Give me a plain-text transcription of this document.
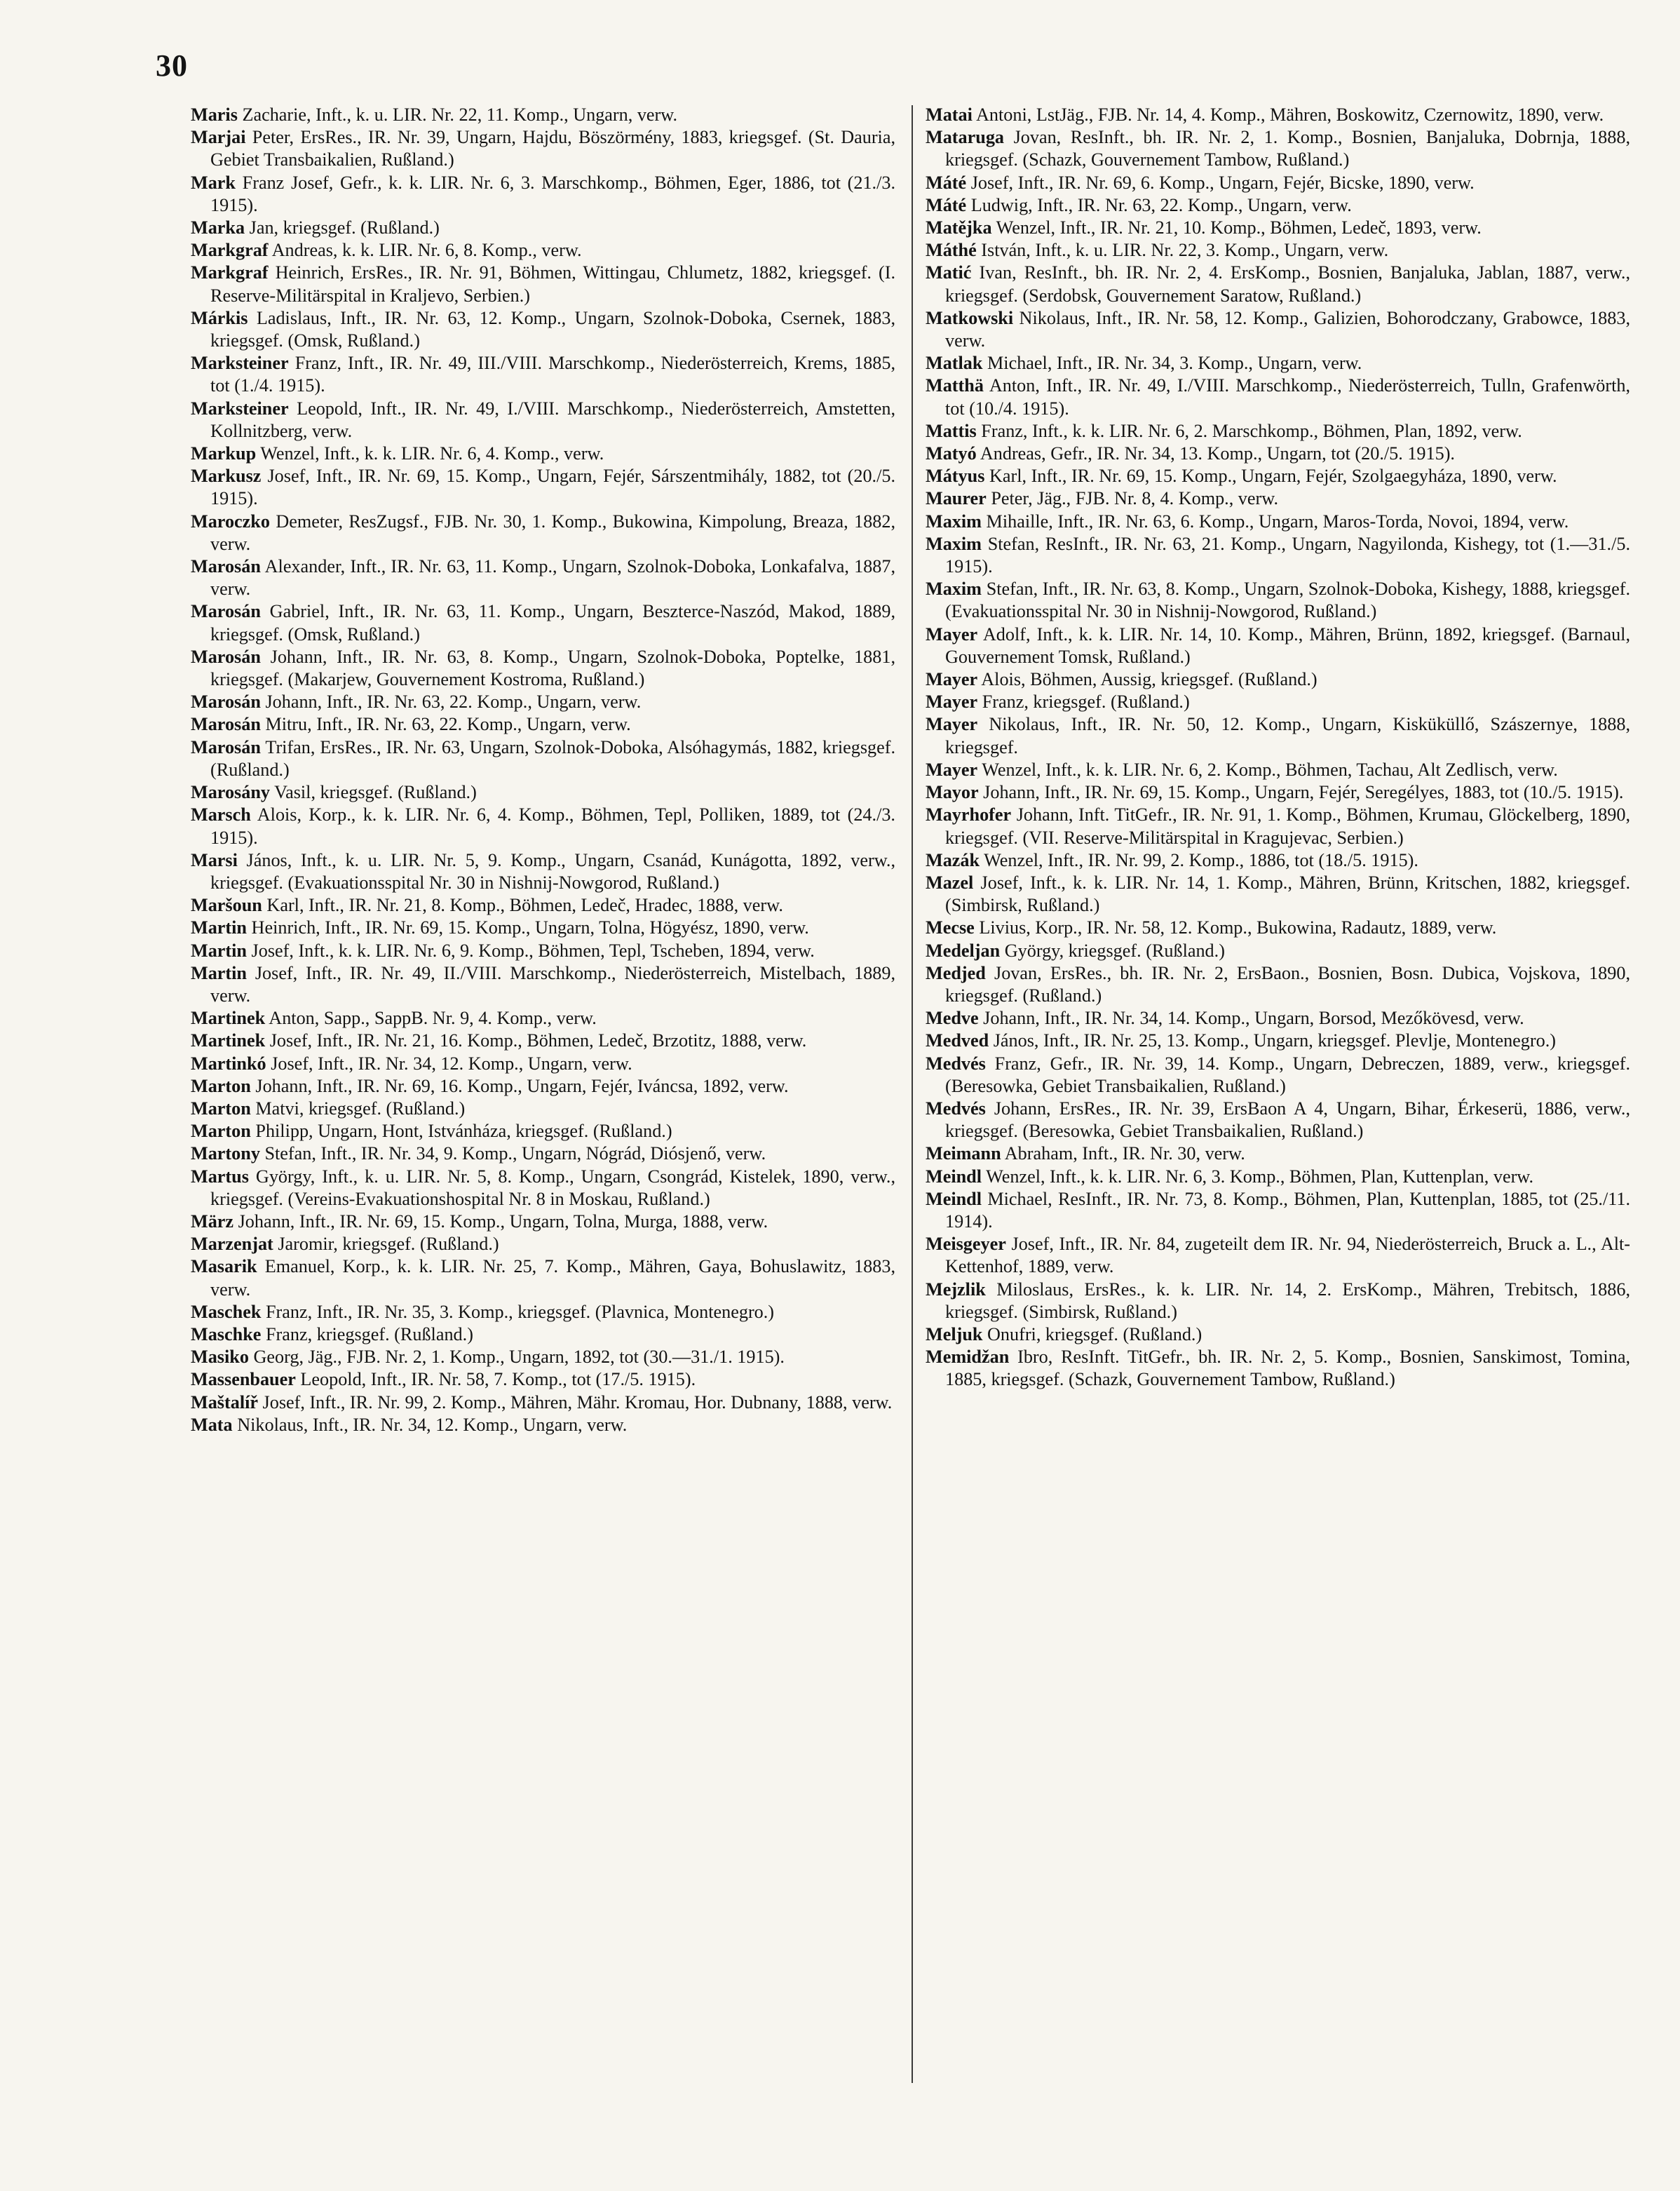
30

Maris Zacharie, Inft., k. u. LIR. Nr. 22, 11. Komp., Ungarn, verw.

Marjai Peter, ErsRes., IR. Nr. 39, Ungarn, Hajdu, Böszörmény, 1883, kriegsgef. (St. Dauria, Gebiet Transbaikalien, Rußland.)

Mark Franz Josef, Gefr., k. k. LIR. Nr. 6, 3. Marschkomp., Böhmen, Eger, 1886, tot (21./3. 1915).

Marka Jan, kriegsgef. (Rußland.)

Markgraf Andreas, k. k. LIR. Nr. 6, 8. Komp., verw.

Markgraf Heinrich, ErsRes., IR. Nr. 91, Böhmen, Wittingau, Chlumetz, 1882, kriegsgef. (I. Reserve-Militärspital in Kraljevo, Serbien.)

Márkis Ladislaus, Inft., IR. Nr. 63, 12. Komp., Ungarn, Szolnok-Doboka, Csernek, 1883, kriegsgef. (Omsk, Rußland.)

Marksteiner Franz, Inft., IR. Nr. 49, III./VIII. Marschkomp., Niederösterreich, Krems, 1885, tot (1./4. 1915).

Marksteiner Leopold, Inft., IR. Nr. 49, I./VIII. Marschkomp., Niederösterreich, Amstetten, Kollnitzberg, verw.

Markup Wenzel, Inft., k. k. LIR. Nr. 6, 4. Komp., verw.

Markusz Josef, Inft., IR. Nr. 69, 15. Komp., Ungarn, Fejér, Sárszentmihály, 1882, tot (20./5. 1915).

Maroczko Demeter, ResZugsf., FJB. Nr. 30, 1. Komp., Bukowina, Kimpolung, Breaza, 1882, verw.

Marosán Alexander, Inft., IR. Nr. 63, 11. Komp., Ungarn, Szolnok-Doboka, Lonkafalva, 1887, verw.

Marosán Gabriel, Inft., IR. Nr. 63, 11. Komp., Ungarn, Beszterce-Naszód, Makod, 1889, kriegsgef. (Omsk, Rußland.)

Marosán Johann, Inft., IR. Nr. 63, 8. Komp., Ungarn, Szolnok-Doboka, Poptelke, 1881, kriegsgef. (Makarjew, Gouvernement Kostroma, Rußland.)

Marosán Johann, Inft., IR. Nr. 63, 22. Komp., Ungarn, verw.

Marosán Mitru, Inft., IR. Nr. 63, 22. Komp., Ungarn, verw.

Marosán Trifan, ErsRes., IR. Nr. 63, Ungarn, Szolnok-Doboka, Alsóhagymás, 1882, kriegsgef. (Rußland.)

Marosány Vasil, kriegsgef. (Rußland.)

Marsch Alois, Korp., k. k. LIR. Nr. 6, 4. Komp., Böhmen, Tepl, Polliken, 1889, tot (24./3. 1915).

Marsi János, Inft., k. u. LIR. Nr. 5, 9. Komp., Ungarn, Csanád, Kunágotta, 1892, verw., kriegsgef. (Evakuationsspital Nr. 30 in Nishnij-Nowgorod, Rußland.)

Maršoun Karl, Inft., IR. Nr. 21, 8. Komp., Böhmen, Ledeč, Hradec, 1888, verw.

Martin Heinrich, Inft., IR. Nr. 69, 15. Komp., Ungarn, Tolna, Högyész, 1890, verw.

Martin Josef, Inft., k. k. LIR. Nr. 6, 9. Komp., Böhmen, Tepl, Tscheben, 1894, verw.

Martin Josef, Inft., IR. Nr. 49, II./VIII. Marschkomp., Niederösterreich, Mistelbach, 1889, verw.

Martinek Anton, Sapp., SappB. Nr. 9, 4. Komp., verw.

Martinek Josef, Inft., IR. Nr. 21, 16. Komp., Böhmen, Ledeč, Brzotitz, 1888, verw.

Martinkó Josef, Inft., IR. Nr. 34, 12. Komp., Ungarn, verw.

Marton Johann, Inft., IR. Nr. 69, 16. Komp., Ungarn, Fejér, Iváncsa, 1892, verw.

Marton Matvi, kriegsgef. (Rußland.)

Marton Philipp, Ungarn, Hont, Istvánháza, kriegsgef. (Rußland.)

Martony Stefan, Inft., IR. Nr. 34, 9. Komp., Ungarn, Nógrád, Diósjenő, verw.

Martus György, Inft., k. u. LIR. Nr. 5, 8. Komp., Ungarn, Csongrád, Kistelek, 1890, verw., kriegsgef. (Vereins-Evakuationshospital Nr. 8 in Moskau, Rußland.)

März Johann, Inft., IR. Nr. 69, 15. Komp., Ungarn, Tolna, Murga, 1888, verw.

Marzenjat Jaromir, kriegsgef. (Rußland.)

Masarik Emanuel, Korp., k. k. LIR. Nr. 25, 7. Komp., Mähren, Gaya, Bohuslawitz, 1883, verw.

Maschek Franz, Inft., IR. Nr. 35, 3. Komp., kriegsgef. (Plavnica, Montenegro.)

Maschke Franz, kriegsgef. (Rußland.)

Masiko Georg, Jäg., FJB. Nr. 2, 1. Komp., Ungarn, 1892, tot (30.—31./1. 1915).

Massenbauer Leopold, Inft., IR. Nr. 58, 7. Komp., tot (17./5. 1915).

Maštalíř Josef, Inft., IR. Nr. 99, 2. Komp., Mähren, Mähr. Kromau, Hor. Dubnany, 1888, verw.

Mata Nikolaus, Inft., IR. Nr. 34, 12. Komp., Ungarn, verw.

Matai Antoni, LstJäg., FJB. Nr. 14, 4. Komp., Mähren, Boskowitz, Czernowitz, 1890, verw.

Mataruga Jovan, ResInft., bh. IR. Nr. 2, 1. Komp., Bosnien, Banjaluka, Dobrnja, 1888, kriegsgef. (Schazk, Gouvernement Tambow, Rußland.)

Máté Josef, Inft., IR. Nr. 69, 6. Komp., Ungarn, Fejér, Bicske, 1890, verw.

Máté Ludwig, Inft., IR. Nr. 63, 22. Komp., Ungarn, verw.

Matějka Wenzel, Inft., IR. Nr. 21, 10. Komp., Böhmen, Ledeč, 1893, verw.

Máthé István, Inft., k. u. LIR. Nr. 22, 3. Komp., Ungarn, verw.

Matić Ivan, ResInft., bh. IR. Nr. 2, 4. ErsKomp., Bosnien, Banjaluka, Jablan, 1887, verw., kriegsgef. (Serdobsk, Gouvernement Saratow, Rußland.)

Matkowski Nikolaus, Inft., IR. Nr. 58, 12. Komp., Galizien, Bohorodczany, Grabowce, 1883, verw.

Matlak Michael, Inft., IR. Nr. 34, 3. Komp., Ungarn, verw.

Matthä Anton, Inft., IR. Nr. 49, I./VIII. Marschkomp., Niederösterreich, Tulln, Grafenwörth, tot (10./4. 1915).

Mattis Franz, Inft., k. k. LIR. Nr. 6, 2. Marschkomp., Böhmen, Plan, 1892, verw.

Matyó Andreas, Gefr., IR. Nr. 34, 13. Komp., Ungarn, tot (20./5. 1915).

Mátyus Karl, Inft., IR. Nr. 69, 15. Komp., Ungarn, Fejér, Szolgaegyháza, 1890, verw.

Maurer Peter, Jäg., FJB. Nr. 8, 4. Komp., verw.

Maxim Mihaille, Inft., IR. Nr. 63, 6. Komp., Ungarn, Maros-Torda, Novoi, 1894, verw.

Maxim Stefan, ResInft., IR. Nr. 63, 21. Komp., Ungarn, Nagyilonda, Kishegy, tot (1.—31./5. 1915).

Maxim Stefan, Inft., IR. Nr. 63, 8. Komp., Ungarn, Szolnok-Doboka, Kishegy, 1888, kriegsgef. (Evakuationsspital Nr. 30 in Nishnij-Nowgorod, Rußland.)

Mayer Adolf, Inft., k. k. LIR. Nr. 14, 10. Komp., Mähren, Brünn, 1892, kriegsgef. (Barnaul, Gouvernement Tomsk, Rußland.)

Mayer Alois, Böhmen, Aussig, kriegsgef. (Rußland.)

Mayer Franz, kriegsgef. (Rußland.)

Mayer Nikolaus, Inft., IR. Nr. 50, 12. Komp., Ungarn, Kisküküllő, Szászernye, 1888, kriegsgef.

Mayer Wenzel, Inft., k. k. LIR. Nr. 6, 2. Komp., Böhmen, Tachau, Alt Zedlisch, verw.

Mayor Johann, Inft., IR. Nr. 69, 15. Komp., Ungarn, Fejér, Seregélyes, 1883, tot (10./5. 1915).

Mayrhofer Johann, Inft. TitGefr., IR. Nr. 91, 1. Komp., Böhmen, Krumau, Glöckelberg, 1890, kriegsgef. (VII. Reserve-Militärspital in Kragujevac, Serbien.)

Mazák Wenzel, Inft., IR. Nr. 99, 2. Komp., 1886, tot (18./5. 1915).

Mazel Josef, Inft., k. k. LIR. Nr. 14, 1. Komp., Mähren, Brünn, Kritschen, 1882, kriegsgef. (Simbirsk, Rußland.)

Mecse Livius, Korp., IR. Nr. 58, 12. Komp., Bukowina, Radautz, 1889, verw.

Medeljan György, kriegsgef. (Rußland.)

Medjed Jovan, ErsRes., bh. IR. Nr. 2, ErsBaon., Bosnien, Bosn. Dubica, Vojskova, 1890, kriegsgef. (Rußland.)

Medve Johann, Inft., IR. Nr. 34, 14. Komp., Ungarn, Borsod, Mezőkövesd, verw.

Medved János, Inft., IR. Nr. 25, 13. Komp., Ungarn, kriegsgef. Plevlje, Montenegro.)

Medvés Franz, Gefr., IR. Nr. 39, 14. Komp., Ungarn, Debreczen, 1889, verw., kriegsgef. (Beresowka, Gebiet Transbaikalien, Rußland.)

Medvés Johann, ErsRes., IR. Nr. 39, ErsBaon A 4, Ungarn, Bihar, Érkeserü, 1886, verw., kriegsgef. (Beresowka, Gebiet Transbaikalien, Rußland.)

Meimann Abraham, Inft., IR. Nr. 30, verw.

Meindl Wenzel, Inft., k. k. LIR. Nr. 6, 3. Komp., Böhmen, Plan, Kuttenplan, verw.

Meindl Michael, ResInft., IR. Nr. 73, 8. Komp., Böhmen, Plan, Kuttenplan, 1885, tot (25./11. 1914).

Meisgeyer Josef, Inft., IR. Nr. 84, zugeteilt dem IR. Nr. 94, Niederösterreich, Bruck a. L., Alt-Kettenhof, 1889, verw.

Mejzlik Miloslaus, ErsRes., k. k. LIR. Nr. 14, 2. ErsKomp., Mähren, Trebitsch, 1886, kriegsgef. (Simbirsk, Rußland.)

Meljuk Onufri, kriegsgef. (Rußland.)

Memidžan Ibro, ResInft. TitGefr., bh. IR. Nr. 2, 5. Komp., Bosnien, Sanskimost, Tomina, 1885, kriegsgef. (Schazk, Gouvernement Tambow, Rußland.)
